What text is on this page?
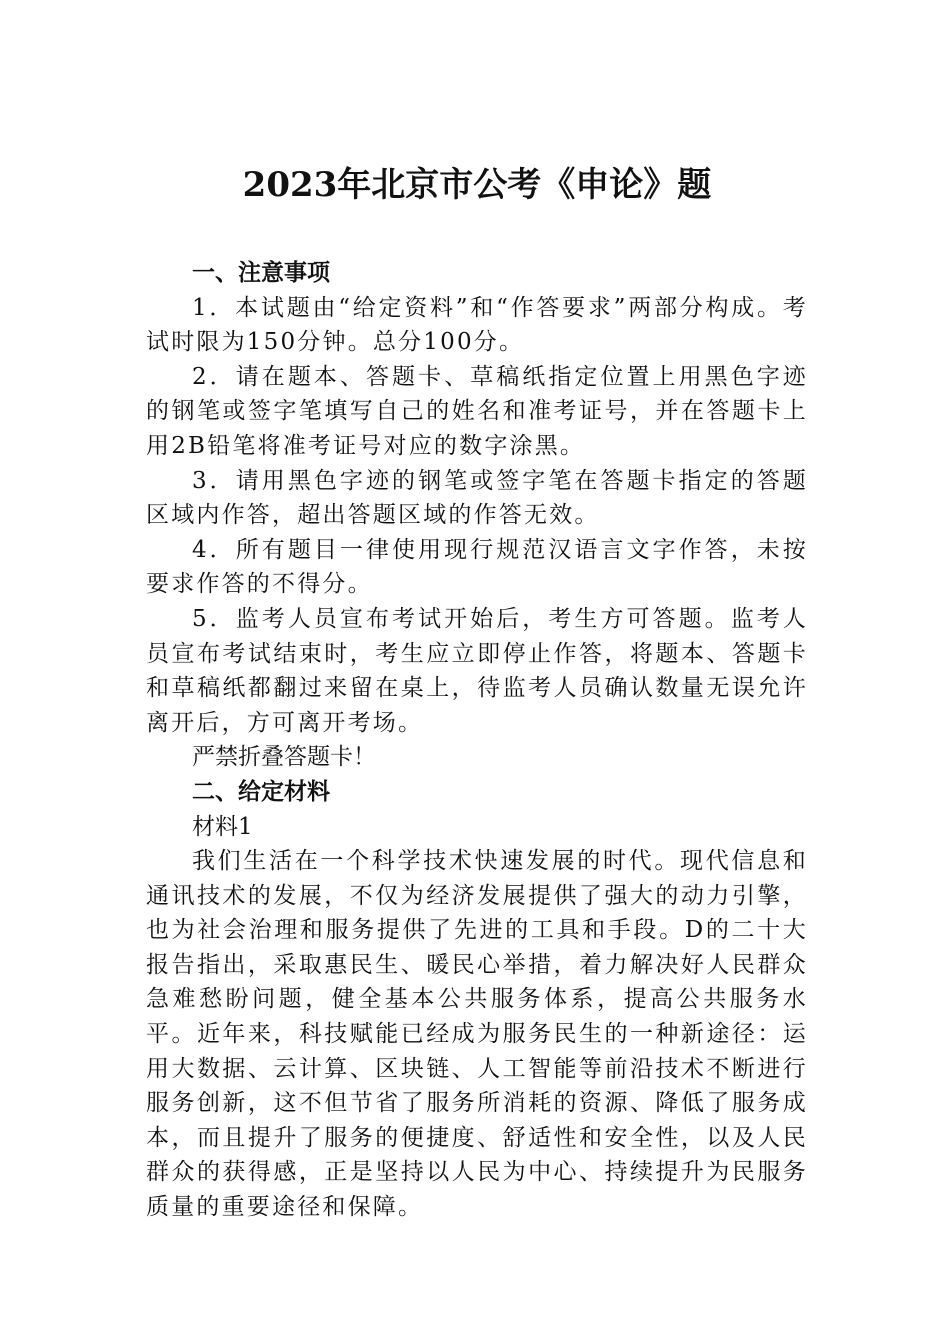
2023年北京市公考《申论》题

一、注意事项

1．本试题由“给定资料”和“作答要求”两部分构成。考试时限为150分钟。总分100分。

2．请在题本、答题卡、草稿纸指定位置上用黑色字迹的钢笔或签字笔填写自己的姓名和准考证号，并在答题卡上用2B铅笔将准考证号对应的数字涂黑。

3．请用黑色字迹的钢笔或签字笔在答题卡指定的答题区域内作答，超出答题区域的作答无效。

4．所有题目一律使用现行规范汉语言文字作答，未按要求作答的不得分。

5．监考人员宣布考试开始后，考生方可答题。监考人员宣布考试结束时，考生应立即停止作答，将题本、答题卡和草稿纸都翻过来留在桌上，待监考人员确认数量无误允许离开后，方可离开考场。

严禁折叠答题卡！

二、给定材料

材料1

我们生活在一个科学技术快速发展的时代。现代信息和通讯技术的发展，不仅为经济发展提供了强大的动力引擎，也为社会治理和服务提供了先进的工具和手段。D的二十大报告指出，采取惠民生、暖民心举措，着力解决好人民群众急难愁盼问题，健全基本公共服务体系，提高公共服务水平。近年来，科技赋能已经成为服务民生的一种新途径：运用大数据、云计算、区块链、人工智能等前沿技术不断进行服务创新，这不但节省了服务所消耗的资源、降低了服务成本，而且提升了服务的便捷度、舒适性和安全性，以及人民群众的获得感，正是坚持以人民为中心、持续提升为民服务质量的重要途径和保障。
